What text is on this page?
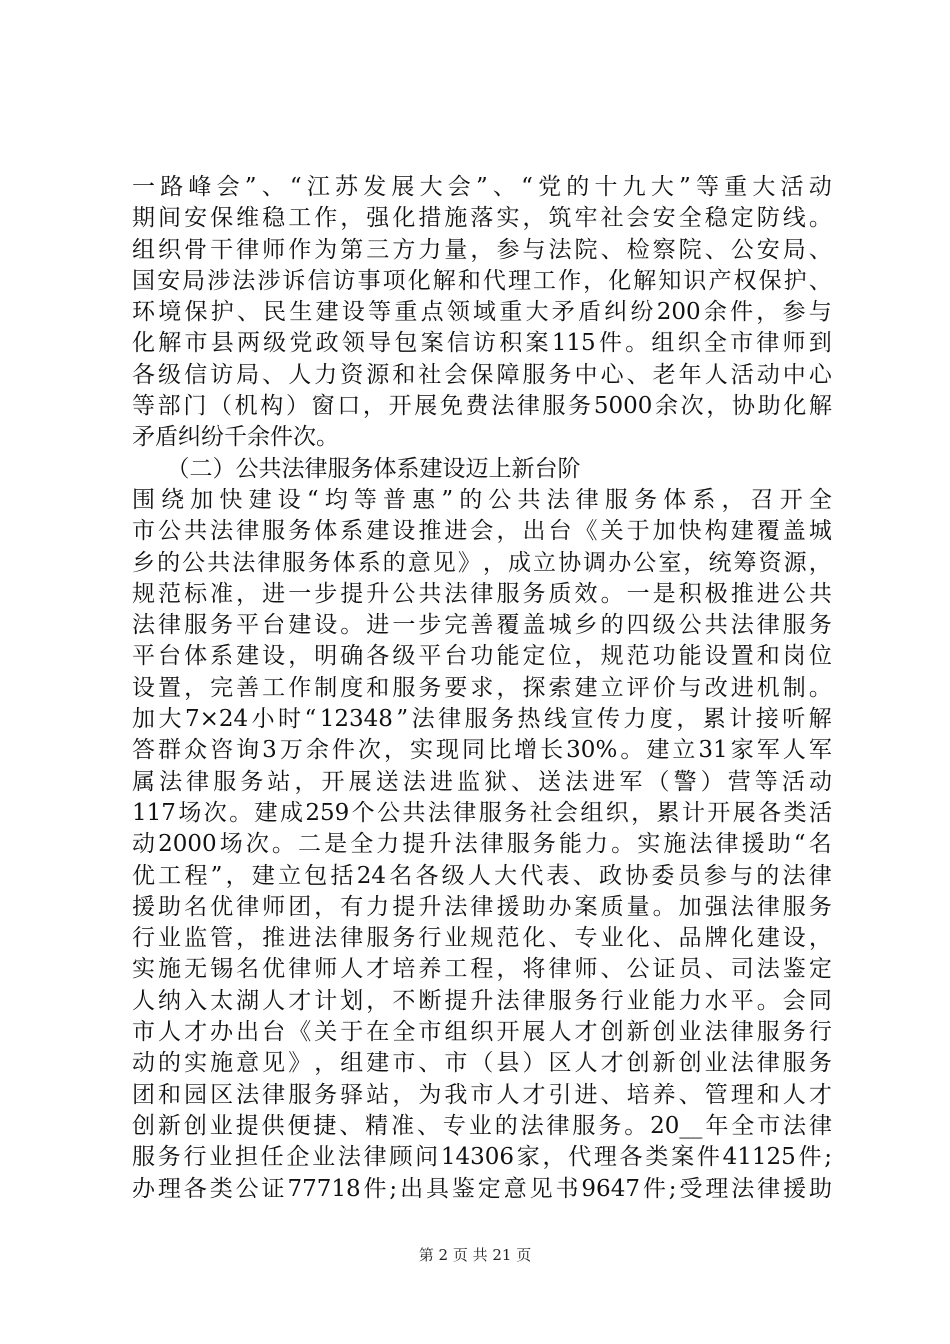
一 路 峰 会 ” 、 “ 江 苏 发 展 大 会 ” 、 “ 党 的 十 九 大 ” 等 重 大 活 动
期 间 安 保 维 稳 工 作 ， 强 化 措 施 落 实 ， 筑 牢 社 会 安 全 稳 定 防 线 。
组 织 骨 干 律 师 作 为 第 三 方 力 量 ， 参 与 法 院 、 检 察 院 、 公 安 局 、
国 安 局 涉 法 涉 诉 信 访 事 项 化 解 和 代 理 工 作 ， 化 解 知 识 产 权 保 护 、
环 境 保 护 、 民 生 建 设 等 重 点 领 域 重 大 矛 盾 纠 纷 200 余 件 ， 参 与
化 解 市 县 两 级 党 政 领 导 包 案 信 访 积 案 115 件 。 组 织 全 市 律 师 到
各 级 信 访 局 、 人 力 资 源 和 社 会 保 障 服 务 中 心 、 老 年 人 活 动 中 心
等 部 门 （ 机 构 ） 窗 口 ， 开 展 免 费 法 律 服 务 5000 余 次 ， 协 助 化 解
矛盾纠纷千余件次。
　　（二）公共法律服务体系建设迈上新台阶
围 绕 加 快 建 设 “ 均 等 普 惠 ” 的 公 共 法 律 服 务 体 系 ， 召 开 全
市 公 共 法 律 服 务 体 系 建 设 推 进 会 ， 出 台 《 关 于 加 快 构 建 覆 盖 城
乡 的 公 共 法 律 服 务 体 系 的 意 见 》 ， 成 立 协 调 办 公 室 ， 统 筹 资 源 ，
规 范 标 准 ， 进 一 步 提 升 公 共 法 律 服 务 质 效 。 一 是 积 极 推 进 公 共
法 律 服 务 平 台 建 设 。 进 一 步 完 善 覆 盖 城 乡 的 四 级 公 共 法 律 服 务
平 台 体 系 建 设 ， 明 确 各 级 平 台 功 能 定 位 ， 规 范 功 能 设 置 和 岗 位
设 置 ， 完 善 工 作 制 度 和 服 务 要 求 ， 探 索 建 立 评 价 与 改 进 机 制 。
加 大 7×24 小 时 “ 12348 ” 法 律 服 务 热 线 宣 传 力 度 ， 累 计 接 听 解
答 群 众 咨 询 3 万 余 件 次 ， 实 现 同 比 增 长 30% 。 建 立 31 家 军 人 军
属 法 律 服 务 站 ， 开 展 送 法 进 监 狱 、 送 法 进 军 （ 警 ） 营 等 活 动
117 场 次 。 建 成 259 个 公 共 法 律 服 务 社 会 组 织 ， 累 计 开 展 各 类 活
动 2000 场 次 。 二 是 全 力 提 升 法 律 服 务 能 力 。 实 施 法 律 援 助 “ 名
优 工 程 ” ， 建 立 包 括 24 名 各 级 人 大 代 表 、 政 协 委 员 参 与 的 法 律
援 助 名 优 律 师 团 ， 有 力 提 升 法 律 援 助 办 案 质 量 。 加 强 法 律 服 务
行 业 监 管 ， 推 进 法 律 服 务 行 业 规 范 化 、 专 业 化 、 品 牌 化 建 设 ，
实 施 无 锡 名 优 律 师 人 才 培 养 工 程 ， 将 律 师 、 公 证 员 、 司 法 鉴 定
人 纳 入 太 湖 人 才 计 划 ， 不 断 提 升 法 律 服 务 行 业 能 力 水 平 。 会 同
市 人 才 办 出 台 《 关 于 在 全 市 组 织 开 展 人 才 创 新 创 业 法 律 服 务 行
动 的 实 施 意 见 》 ， 组 建 市 、 市 （ 县 ） 区 人 才 创 新 创 业 法 律 服 务
团 和 园 区 法 律 服 务 驿 站 ， 为 我 市 人 才 引 进 、 培 养 、 管 理 和 人 才
创 新 创 业 提 供 便 捷 、 精 准 、 专 业 的 法 律 服 务 。 20__ 年 全 市 法 律
服 务 行 业 担 任 企 业 法 律 顾 问 14306 家 ， 代 理 各 类 案 件 41125 件 ;
办 理 各 类 公 证 77718 件 ; 出 具 鉴 定 意 见 书 9647 件 ; 受 理 法 律 援 助
第 2 页 共 21 页
